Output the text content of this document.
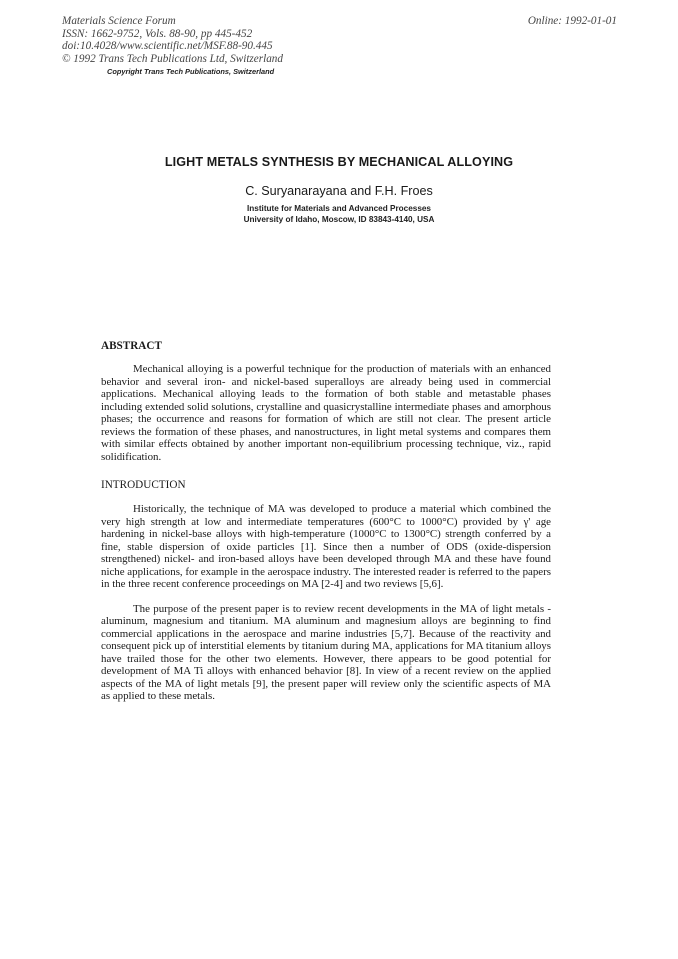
Materials Science Forum
ISSN: 1662-9752, Vols. 88-90, pp 445-452
doi:10.4028/www.scientific.net/MSF.88-90.445
© 1992 Trans Tech Publications Ltd, Switzerland
Copyright Trans Tech Publications, Switzerland
Online: 1992-01-01
LIGHT METALS SYNTHESIS BY MECHANICAL ALLOYING
C. Suryanarayana and F.H. Froes
Institute for Materials and Advanced Processes
University of Idaho, Moscow, ID 83843-4140, USA
ABSTRACT

Mechanical alloying is a powerful technique for the production of materials with an enhanced behavior and several iron- and nickel-based superalloys are already being used in commercial applications. Mechanical alloying leads to the formation of both stable and metastable phases including extended solid solutions, crystalline and quasicrystalline intermediate phases and amorphous phases; the occurrence and reasons for formation of which are still not clear. The present article reviews the formation of these phases, and nanostructures, in light metal systems and compares them with similar effects obtained by another important non-equilibrium processing technique, viz., rapid solidification.

INTRODUCTION

Historically, the technique of MA was developed to produce a material which combined the very high strength at low and intermediate temperatures (600°C to 1000°C) provided by γ' age hardening in nickel-base alloys with high-temperature (1000°C to 1300°C) strength conferred by a fine, stable dispersion of oxide particles [1]. Since then a number of ODS (oxide-dispersion strengthened) nickel- and iron-based alloys have been developed through MA and these have found niche applications, for example in the aerospace industry. The interested reader is referred to the papers in the three recent conference proceedings on MA [2-4] and two reviews [5,6].

The purpose of the present paper is to review recent developments in the MA of light metals - aluminum, magnesium and titanium. MA aluminum and magnesium alloys are beginning to find commercial applications in the aerospace and marine industries [5,7]. Because of the reactivity and consequent pick up of interstitial elements by titanium during MA, applications for MA titanium alloys have trailed those for the other two elements. However, there appears to be good potential for development of MA Ti alloys with enhanced behavior [8]. In view of a recent review on the applied aspects of the MA of light metals [9], the present paper will review only the scientific aspects of MA as applied to these metals.
